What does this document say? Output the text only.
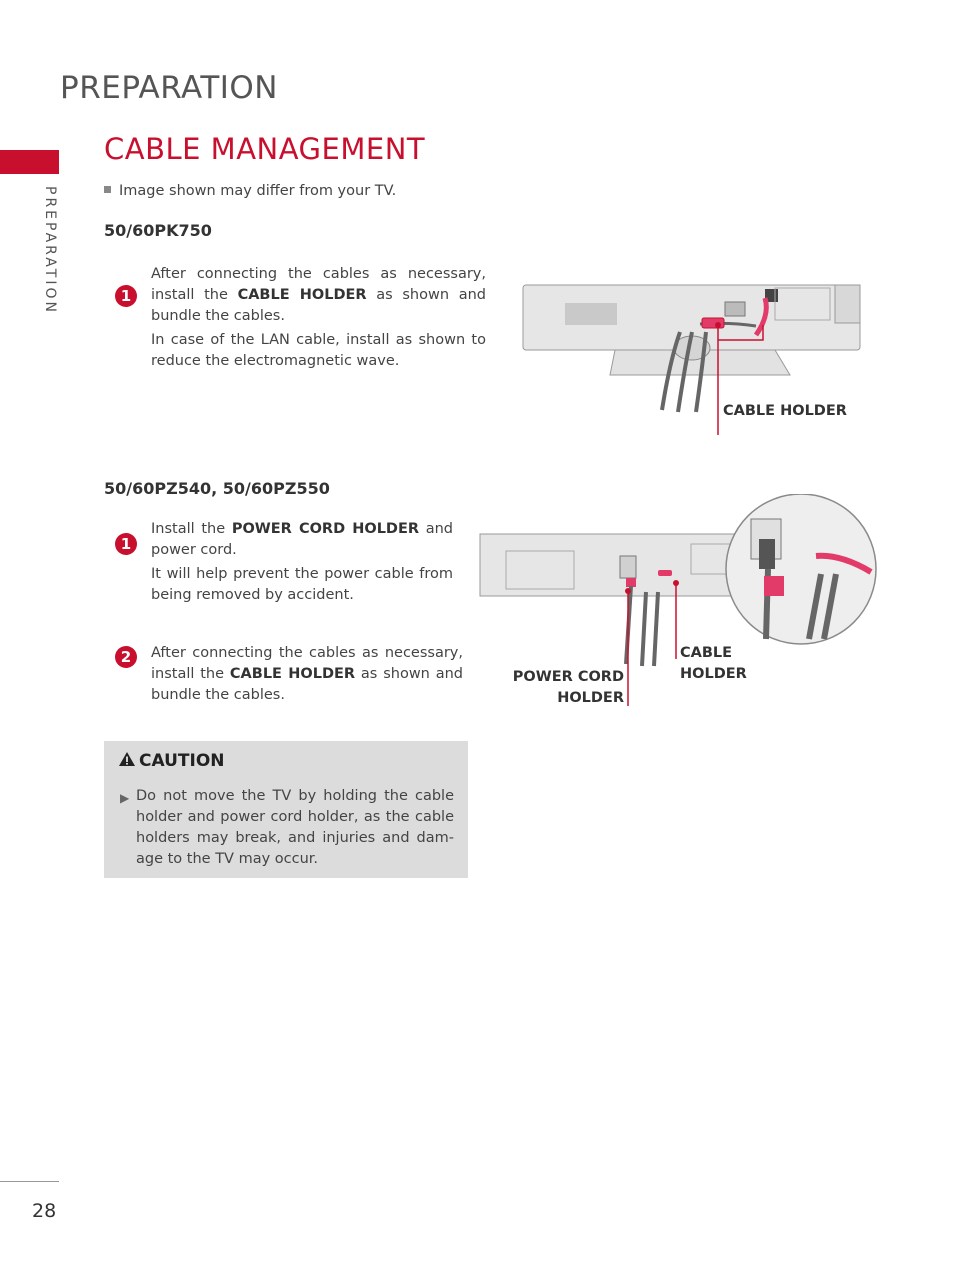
PREPARATION
PREPARATION
CABLE MANAGEMENT
Image shown may differ from your TV.
50/60PK750
1
After connecting the cables as necessary, install the CABLE HOLDER as shown and bundle the cables.
In case of the LAN cable, install as shown to reduce the electromagnetic wave.
CABLE HOLDER
50/60PZ540, 50/60PZ550
1
Install the POWER CORD HOLDER and power cord.
It will help prevent the power cable from being removed by accident.
2	After connecting the cables as necessary, install the CABLE HOLDER as shown and bundle the cables.
POWER CORD
HOLDER
CABLE
HOLDER
CAUTION
▶ Do not move the TV by holding the cable holder and power cord holder, as the cable holders may break, and injuries and dam-age to the TV may occur.
28
